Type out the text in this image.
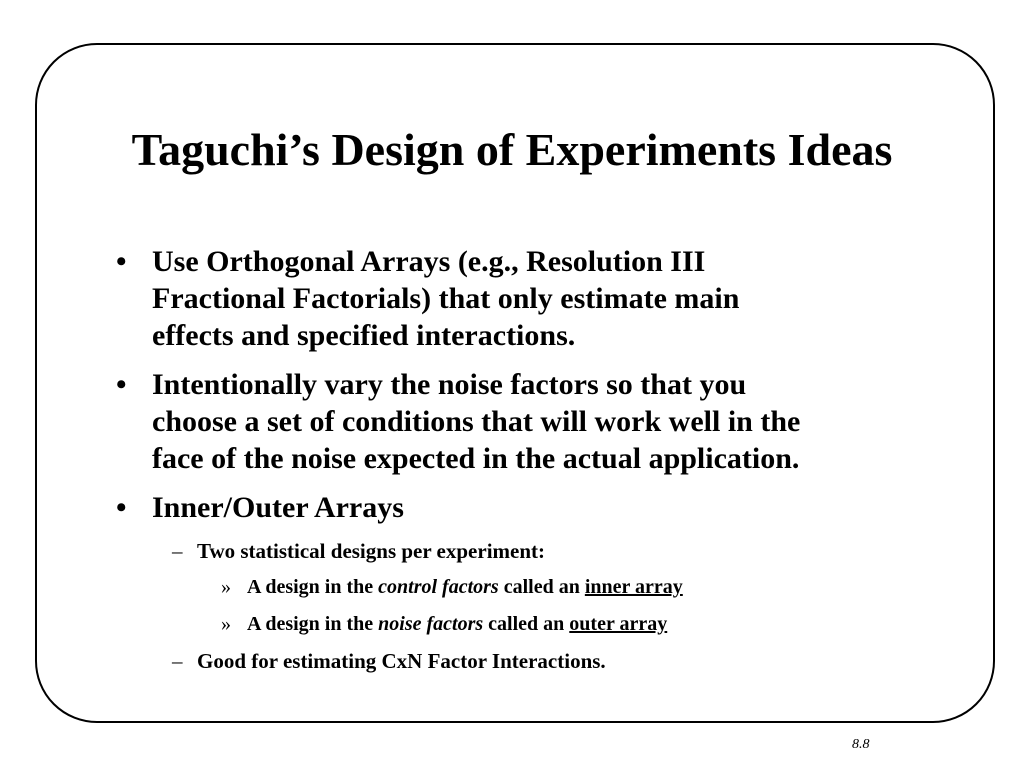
Taguchi’s Design of Experiments Ideas
• Use Orthogonal Arrays (e.g., Resolution III
Fractional Factorials) that only estimate main
effects and specified interactions.
• Intentionally vary the noise factors so that you
choose a set of conditions that will work well in the
face of the noise expected in the actual application.
• Inner/Outer Arrays
– Two statistical designs per experiment:
» A design in the control factors called an inner array
» A design in the noise factors called an outer array
– Good for estimating CxN Factor Interactions.
8.8
